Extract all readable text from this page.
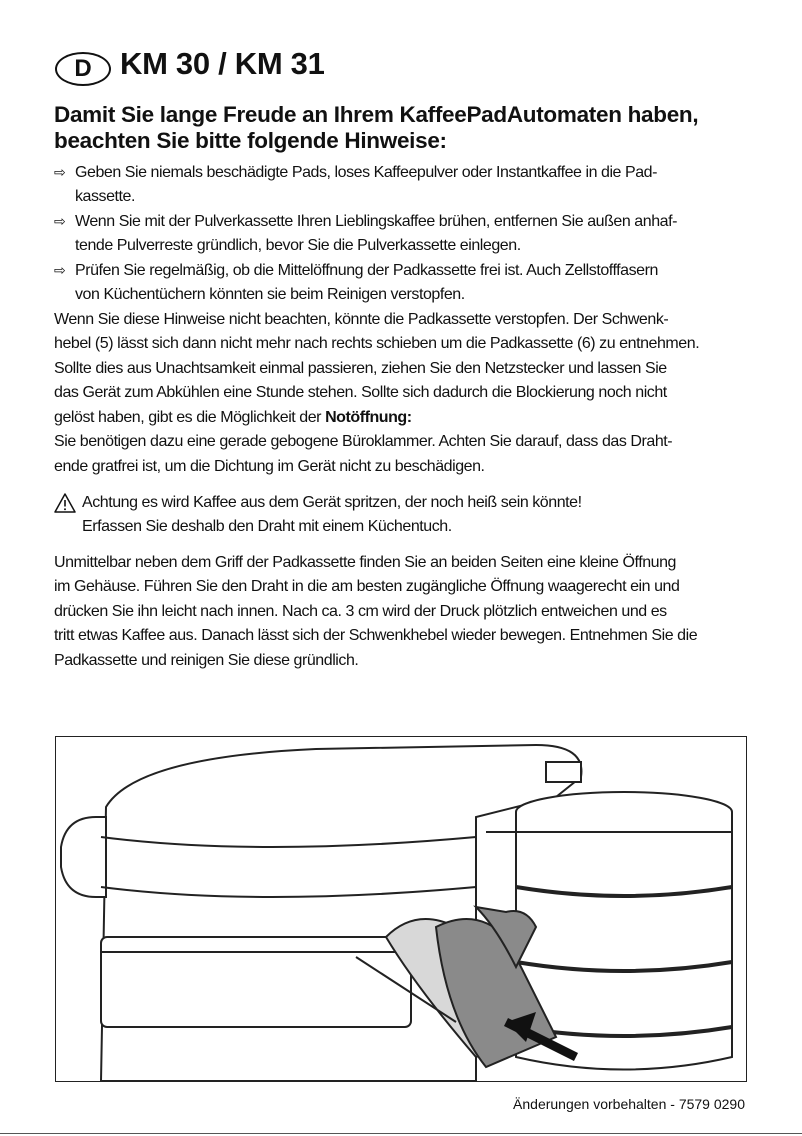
D KM 30 / KM 31
Damit Sie lange Freude an Ihrem KaffeePadAutomaten haben,
beachten Sie bitte folgende Hinweise:
⇨ Geben Sie niemals beschädigte Pads, loses Kaffeepulver oder Instantkaffee in die Pad-
kassette.
⇨ Wenn Sie mit der Pulverkassette Ihren Lieblingskaffee brühen, entfernen Sie außen anhaf-
tende Pulverreste gründlich, bevor Sie die Pulverkassette einlegen.
⇨ Prüfen Sie regelmäßig, ob die Mittelöffnung der Padkassette frei ist. Auch Zellstofffasern
von Küchentüchern könnten sie beim Reinigen verstopfen.
Wenn Sie diese Hinweise nicht beachten, könnte die Padkassette verstopfen. Der Schwenk-
hebel (5) lässt sich dann nicht mehr nach rechts schieben um die Padkassette (6) zu entnehmen.
Sollte dies aus Unachtsamkeit einmal passieren, ziehen Sie den Netzstecker und lassen Sie
das Gerät zum Abkühlen eine Stunde stehen. Sollte sich dadurch die Blockierung noch nicht
gelöst haben, gibt es die Möglichkeit der Notöffnung:
Sie benötigen dazu eine gerade gebogene Büroklammer. Achten Sie darauf, dass das Draht-
ende gratfrei ist, um die Dichtung im Gerät nicht zu beschädigen.
Achtung es wird Kaffee aus dem Gerät spritzen, der noch heiß sein könnte!
Erfassen Sie deshalb den Draht mit einem Küchentuch.
Unmittelbar neben dem Griff der Padkassette finden Sie an beiden Seiten eine kleine Öffnung
im Gehäuse. Führen Sie den Draht in die am besten zugängliche Öffnung waagerecht ein und
drücken Sie ihn leicht nach innen. Nach ca. 3 cm wird der Druck plötzlich entweichen und es
tritt etwas Kaffee aus. Danach lässt sich der Schwenkhebel wieder bewegen. Entnehmen Sie die
Padkassette und reinigen Sie diese gründlich.
Änderungen vorbehalten - 7579 0290
